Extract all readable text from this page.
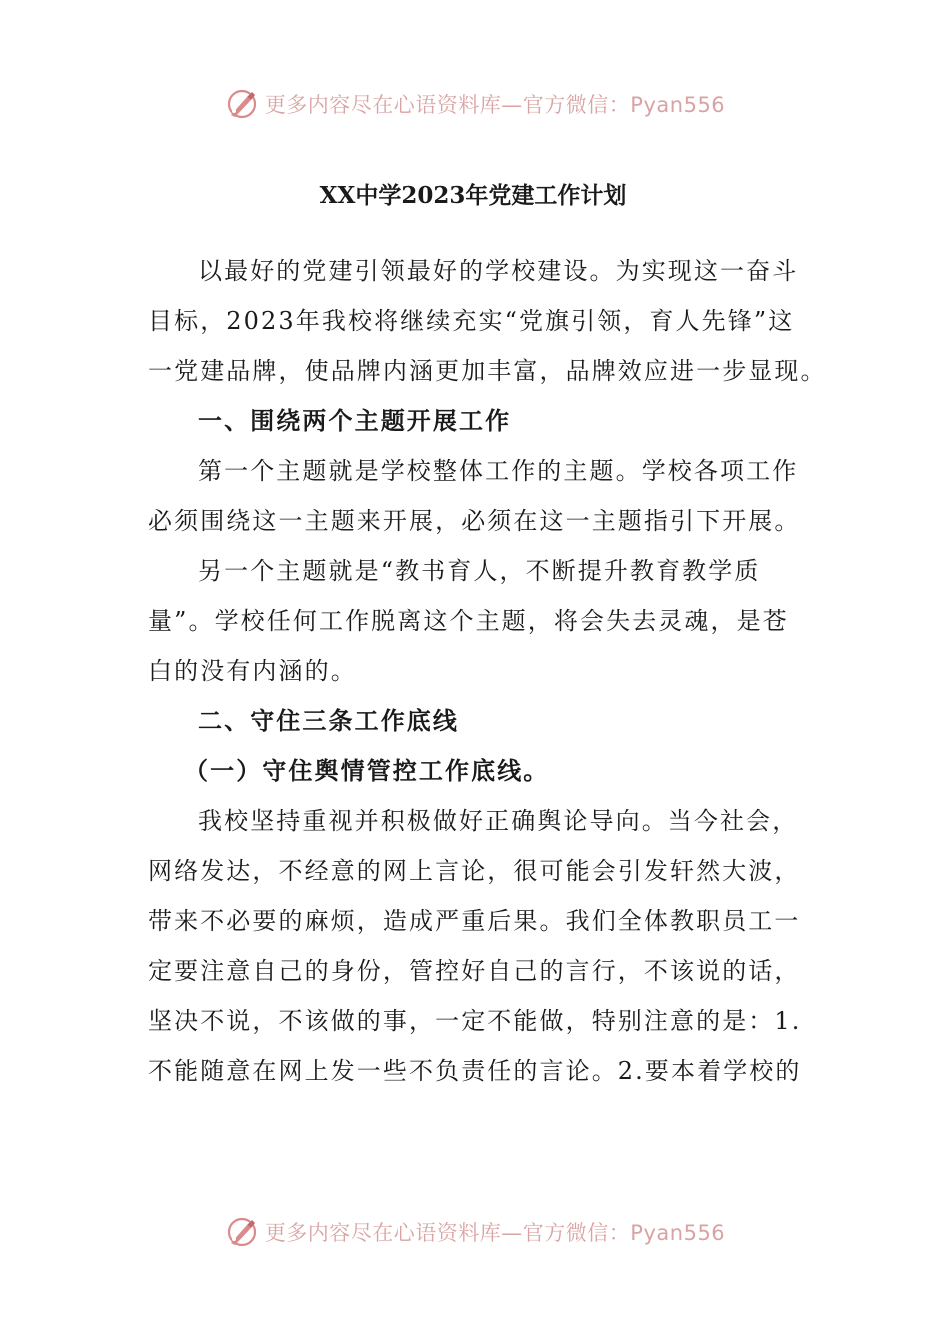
更多内容尽在心语资料库—官方微信：Pyan556
XX中学2023年党建工作计划
以最好的党建引领最好的学校建设。为实现这一奋斗
目标，2023年我校将继续充实“党旗引领，育人先锋”这
一党建品牌，使品牌内涵更加丰富，品牌效应进一步显现。
一、围绕两个主题开展工作
第一个主题就是学校整体工作的主题。学校各项工作
必须围绕这一主题来开展，必须在这一主题指引下开展。
另一个主题就是“教书育人，不断提升教育教学质
量”。学校任何工作脱离这个主题，将会失去灵魂，是苍
白的没有内涵的。
二、守住三条工作底线
（一）守住舆情管控工作底线。
我校坚持重视并积极做好正确舆论导向。当今社会，
网络发达，不经意的网上言论，很可能会引发轩然大波，
带来不必要的麻烦，造成严重后果。我们全体教职员工一
定要注意自己的身份，管控好自己的言行，不该说的话，
坚决不说，不该做的事，一定不能做，特别注意的是：1.
不能随意在网上发一些不负责任的言论。2.要本着学校的
更多内容尽在心语资料库—官方微信：Pyan556
